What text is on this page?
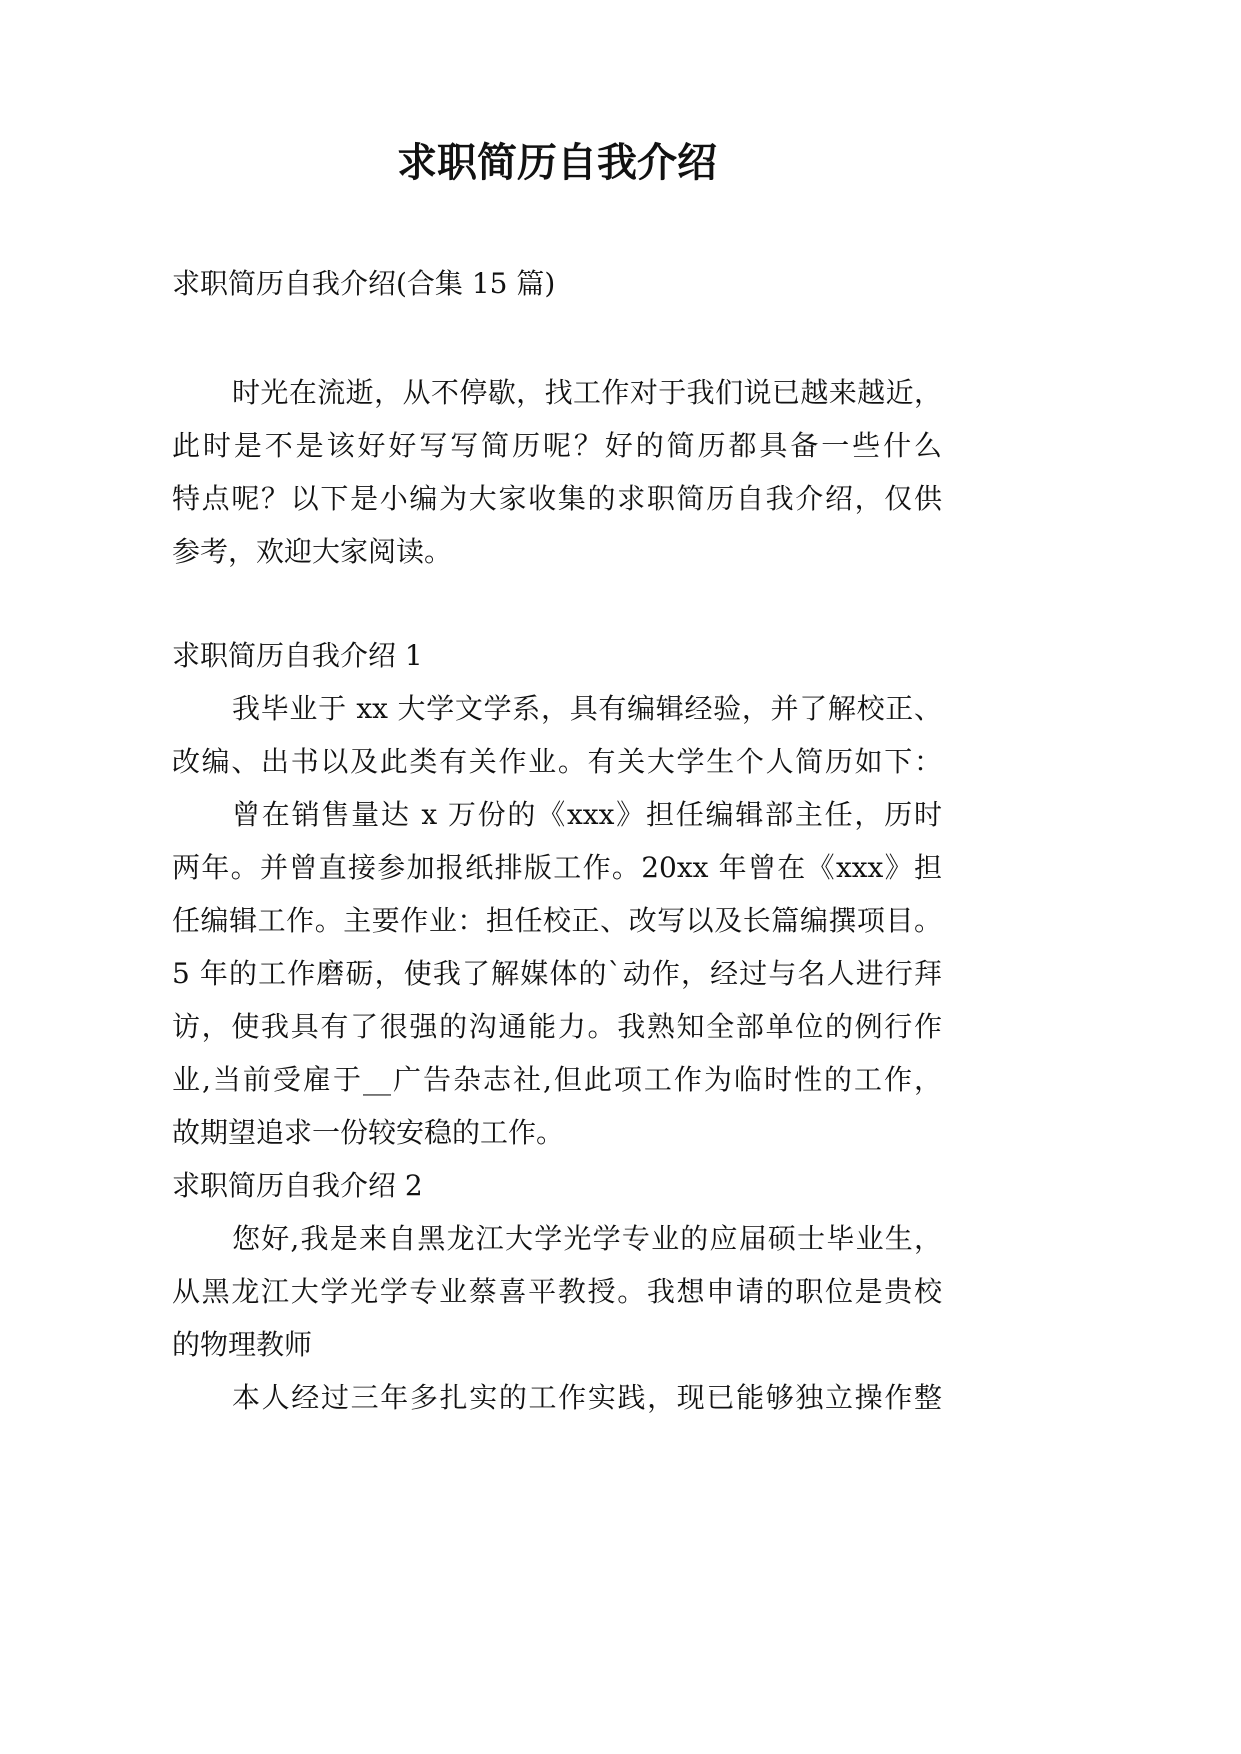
求职简历自我介绍
求职简历自我介绍(合集 15 篇)
时光在流逝，从不停歇，找工作对于我们说已越来越近，
此时是不是该好好写写简历呢？好的简历都具备一些什么
特点呢？以下是小编为大家收集的求职简历自我介绍，仅供
参考，欢迎大家阅读。
求职简历自我介绍 1
我毕业于 xx 大学文学系，具有编辑经验，并了解校正、
改编、出书以及此类有关作业。有关大学生个人简历如下：
曾在销售量达 x 万份的《xxx》担任编辑部主任，历时
两年。并曾直接参加报纸排版工作。20xx 年曾在《xxx》担
任编辑工作。主要作业：担任校正、改写以及长篇编撰项目。
5 年的工作磨砺，使我了解媒体的`动作，经过与名人进行拜
访，使我具有了很强的沟通能力。我熟知全部单位的例行作
业,当前受雇于__广告杂志社,但此项工作为临时性的工作，
故期望追求一份较安稳的工作。
求职简历自我介绍 2
您好,我是来自黑龙江大学光学专业的应届硕士毕业生，
从黑龙江大学光学专业蔡喜平教授。我想申请的职位是贵校
的物理教师
本人经过三年多扎实的工作实践，现已能够独立操作整
